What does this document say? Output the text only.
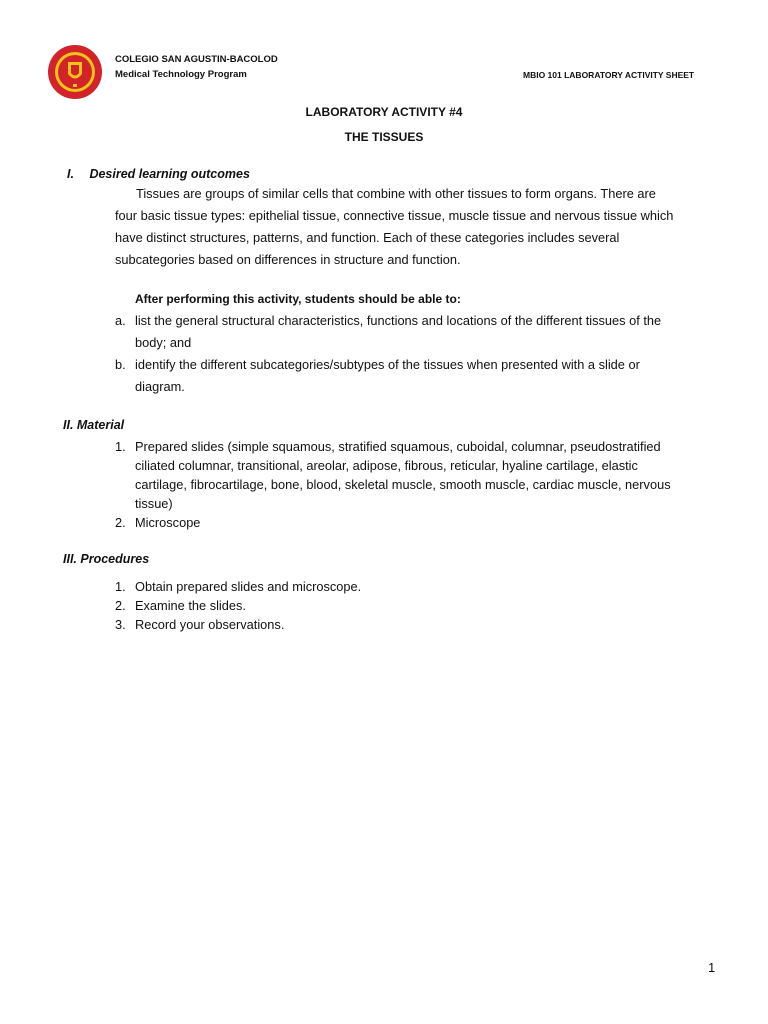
COLEGIO SAN AGUSTIN-BACOLOD
Medical Technology Program	MBIO 101 LABORATORY ACTIVITY SHEET
LABORATORY ACTIVITY #4
THE TISSUES
I. Desired learning outcomes
Tissues are groups of similar cells that combine with other tissues to form organs. There are
four basic tissue types: epithelial tissue, connective tissue, muscle tissue and nervous tissue which
have distinct structures, patterns, and function. Each of these categories includes several
subcategories based on differences in structure and function.
After performing this activity, students should be able to:
a. list the general structural characteristics, functions and locations of the different tissues of the
body; and
b. identify the different subcategories/subtypes of the tissues when presented with a slide or
diagram.
II. Material
1. Prepared slides (simple squamous, stratified squamous, cuboidal, columnar, pseudostratified
ciliated columnar, transitional, areolar, adipose, fibrous, reticular, hyaline cartilage, elastic
cartilage, fibrocartilage, bone, blood, skeletal muscle, smooth muscle, cardiac muscle, nervous
tissue)
2. Microscope
III. Procedures
1. Obtain prepared slides and microscope.
2. Examine the slides.
3. Record your observations.
1
